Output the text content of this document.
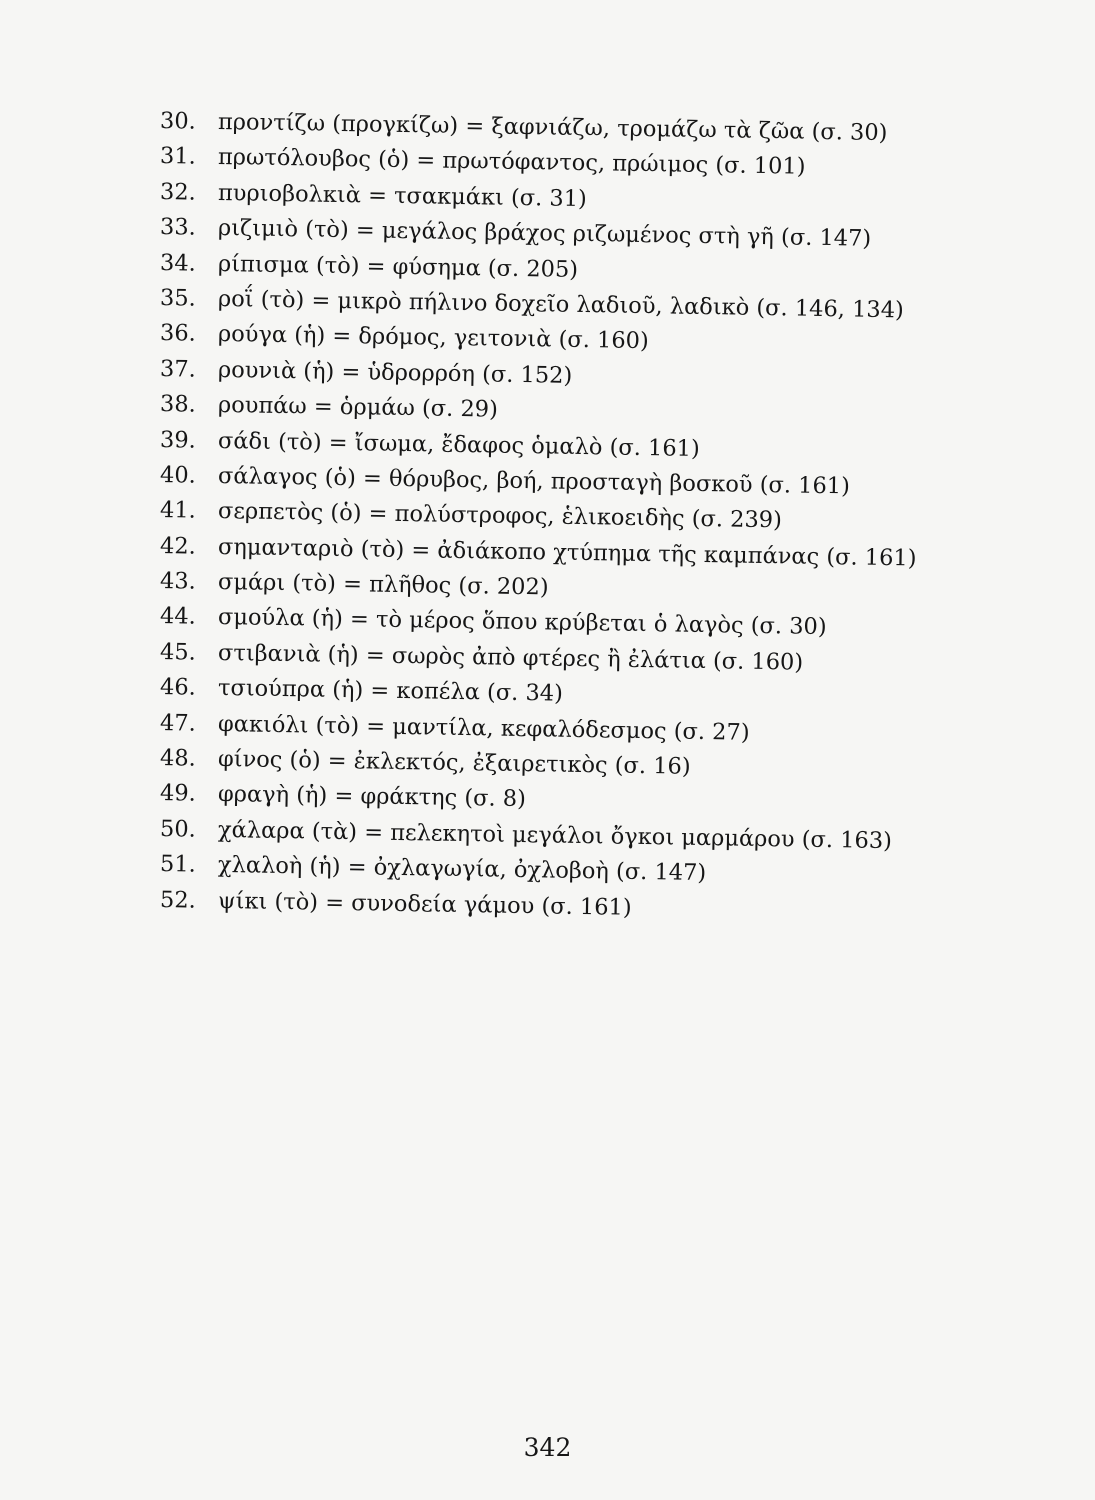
30. προντίζω (προγκίζω) = ξαφνιάζω, τρομάζω τὰ ζῶα (σ. 30)
31. πρωτόλουβος (ὁ) = πρωτόφαντος, πρώιμος (σ. 101)
32. πυριοβολκιὰ = τσακμάκι (σ. 31)
33. ριζιμιὸ (τὸ) = μεγάλος βράχος ριζωμένος στὴ γῆ (σ. 147)
34. ρίπισμα (τὸ) = φύσημα (σ. 205)
35. ροΐ (τὸ) = μικρὸ πήλινο δοχεῖο λαδιοῦ, λαδικὸ (σ. 146, 134)
36. ρούγα (ἡ) = δρόμος, γειτονιὰ (σ. 160)
37. ρουνιὰ (ἡ) = ὑδρορρόη (σ. 152)
38. ρουπάω = ὁρμάω (σ. 29)
39. σάδι (τὸ) = ἴσωμα, ἔδαφος ὁμαλὸ (σ. 161)
40. σάλαγος (ὁ) = θόρυβος, βοή, προσταγὴ βοσκοῦ (σ. 161)
41. σερπετὸς (ὁ) = πολύστροφος, ἑλικοειδὴς (σ. 239)
42. σημανταριὸ (τὸ) = ἀδιάκοπο χτύπημα τῆς καμπάνας (σ. 161)
43. σμάρι (τὸ) = πλῆθος (σ. 202)
44. σμούλα (ἡ) = τὸ μέρος ὅπου κρύβεται ὁ λαγὸς (σ. 30)
45. στιβανιὰ (ἡ) = σωρὸς ἀπὸ φτέρες ἢ ἐλάτια (σ. 160)
46. τσιούπρα (ἡ) = κοπέλα (σ. 34)
47. φακιόλι (τὸ) = μαντίλα, κεφαλόδεσμος (σ. 27)
48. φίνος (ὁ) = ἐκλεκτός, ἐξαιρετικὸς (σ. 16)
49. φραγὴ (ἡ) = φράκτης (σ. 8)
50. χάλαρα (τὰ) = πελεκητοὶ μεγάλοι ὄγκοι μαρμάρου (σ. 163)
51. χλαλοὴ (ἡ) = ὀχλαγωγία, ὀχλοβοὴ (σ. 147)
52. ψίκι (τὸ) = συνοδεία γάμου (σ. 161)
342
